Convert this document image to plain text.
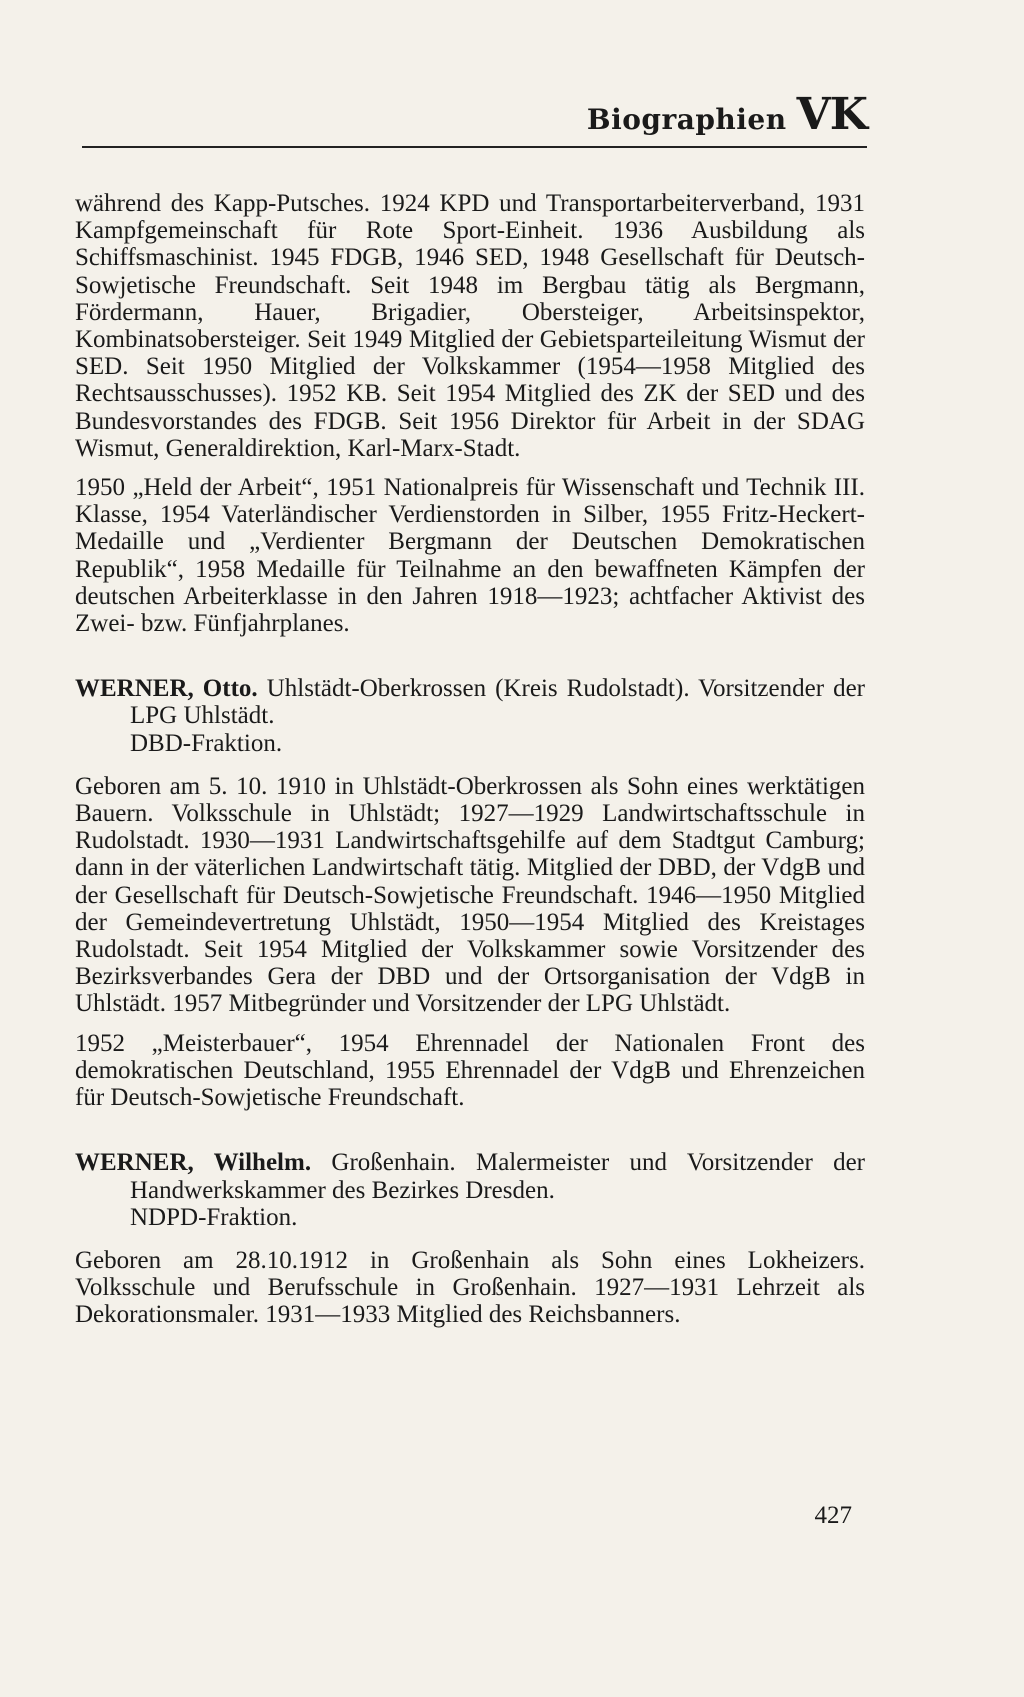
Biographien VK

während des Kapp-Putsches. 1924 KPD und Transportarbeiterverband, 1931 Kampfgemeinschaft für Rote Sport-Einheit. 1936 Ausbildung als Schiffsmaschinist. 1945 FDGB, 1946 SED, 1948 Gesellschaft für Deutsch-Sowjetische Freundschaft. Seit 1948 im Bergbau tätig als Bergmann, Fördermann, Hauer, Brigadier, Obersteiger, Arbeitsinspektor, Kombinatsobersteiger. Seit 1949 Mitglied der Gebietsparteileitung Wismut der SED. Seit 1950 Mitglied der Volkskammer (1954—1958 Mitglied des Rechtsausschusses). 1952 KB. Seit 1954 Mitglied des ZK der SED und des Bundesvorstandes des FDGB. Seit 1956 Direktor für Arbeit in der SDAG Wismut, Generaldirektion, Karl-Marx-Stadt.

1950 „Held der Arbeit“, 1951 Nationalpreis für Wissenschaft und Technik III. Klasse, 1954 Vaterländischer Verdienstorden in Silber, 1955 Fritz-Heckert-Medaille und „Verdienter Bergmann der Deutschen Demokratischen Republik“, 1958 Medaille für Teilnahme an den bewaffneten Kämpfen der deutschen Arbeiterklasse in den Jahren 1918—1923; achtfacher Aktivist des Zwei- bzw. Fünfjahrplanes.

WERNER, Otto. Uhlstädt-Oberkrossen (Kreis Rudolstadt). Vorsitzender der LPG Uhlstädt.

DBD-Fraktion.

Geboren am 5. 10. 1910 in Uhlstädt-Oberkrossen als Sohn eines werktätigen Bauern. Volksschule in Uhlstädt; 1927—1929 Landwirtschaftsschule in Rudolstadt. 1930—1931 Landwirtschaftsgehilfe auf dem Stadtgut Camburg; dann in der väterlichen Landwirtschaft tätig. Mitglied der DBD, der VdgB und der Gesellschaft für Deutsch-Sowjetische Freundschaft. 1946—1950 Mitglied der Gemeindevertretung Uhlstädt, 1950—1954 Mitglied des Kreistages Rudolstadt. Seit 1954 Mitglied der Volkskammer sowie Vorsitzender des Bezirksverbandes Gera der DBD und der Ortsorganisation der VdgB in Uhlstädt. 1957 Mitbegründer und Vorsitzender der LPG Uhlstädt.

1952 „Meisterbauer“, 1954 Ehrennadel der Nationalen Front des demokratischen Deutschland, 1955 Ehrennadel der VdgB und Ehrenzeichen für Deutsch-Sowjetische Freundschaft.

WERNER, Wilhelm. Großenhain. Malermeister und Vorsitzender der Handwerkskammer des Bezirkes Dresden.

NDPD-Fraktion.

Geboren am 28.10.1912 in Großenhain als Sohn eines Lokheizers. Volksschule und Berufsschule in Großenhain. 1927—1931 Lehrzeit als Dekorationsmaler. 1931—1933 Mitglied des Reichsbanners.

427
